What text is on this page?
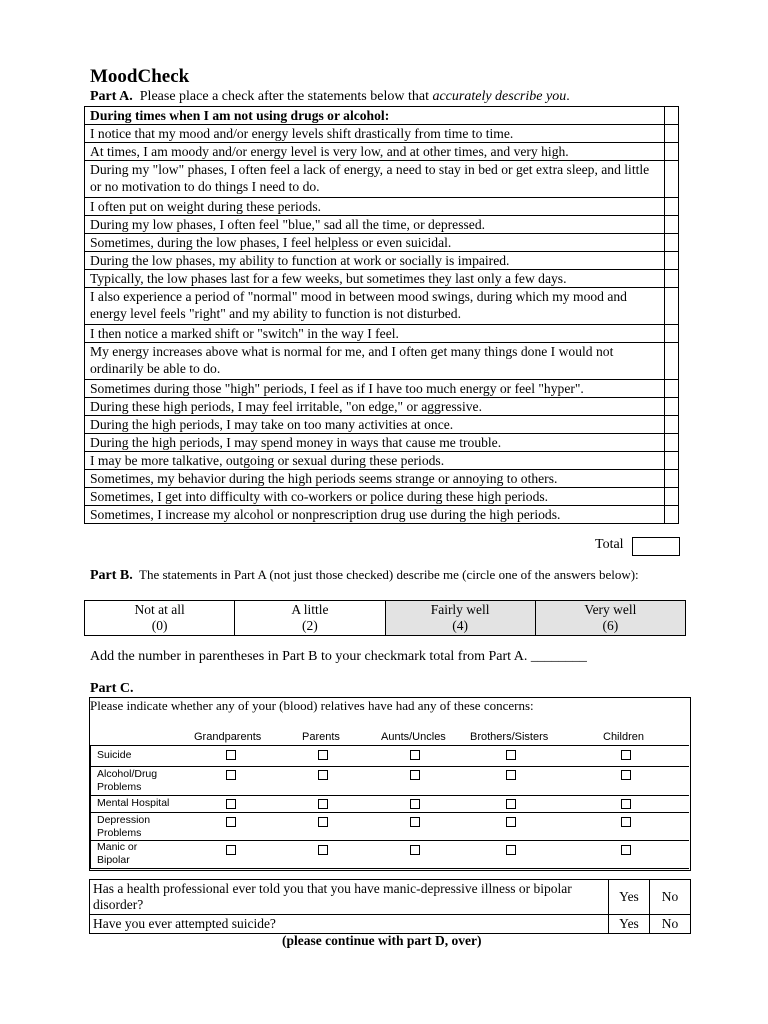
MoodCheck
Part A. Please place a check after the statements below that accurately describe you.
During times when I am not using drugs or alcohol:	
I notice that my mood and/or energy levels shift drastically from time to time.	
At times, I am moody and/or energy level is very low, and at other times, and very high.	
During my "low" phases, I often feel a lack of energy, a need to stay in bed or get extra sleep, and little or no motivation to do things I need to do.	
I often put on weight during these periods.	
During my low phases, I often feel "blue," sad all the time, or depressed.	
Sometimes, during the low phases, I feel helpless or even suicidal.	
During the low phases, my ability to function at work or socially is impaired.	
Typically, the low phases last for a few weeks, but sometimes they last only a few days.	
I also experience a period of "normal" mood in between mood swings, during which my mood and energy level feels "right" and my ability to function is not disturbed.	
I then notice a marked shift or "switch" in the way I feel.	
My energy increases above what is normal for me, and I often get many things done I would not ordinarily be able to do.	
Sometimes during those "high" periods, I feel as if I have too much energy or feel "hyper".	
During these high periods, I may feel irritable, "on edge," or aggressive.	
During the high periods, I may take on too many activities at once.	
During the high periods, I may spend money in ways that cause me trouble.	
I may be more talkative, outgoing or sexual during these periods.	
Sometimes, my behavior during the high periods seems strange or annoying to others.	
Sometimes, I get into difficulty with co-workers or police during these high periods.	
Sometimes, I increase my alcohol or nonprescription drug use during the high periods.	
Total
Part B. The statements in Part A (not just those checked) describe me (circle one of the answers below):
Not at all
(0)

A little
(2)

Fairly well
(4)

Very well
(6)
Add the number in parentheses in Part B to your checkmark total from Part A. ________
Part C.
Please indicate whether any of your (blood) relatives have had any of these concerns:
Grandparents	Parents	Aunts/Uncles Brothers/Sisters	Children
Suicide
Alcohol/Drug
Problems
Mental Hospital
Depression
Problems
Manic or
Bipolar
Has a health professional ever told you that you have manic-depressive illness or bipolar disorder?	Yes	No
Have you ever attempted suicide?	Yes	No
(please continue with part D, over)
